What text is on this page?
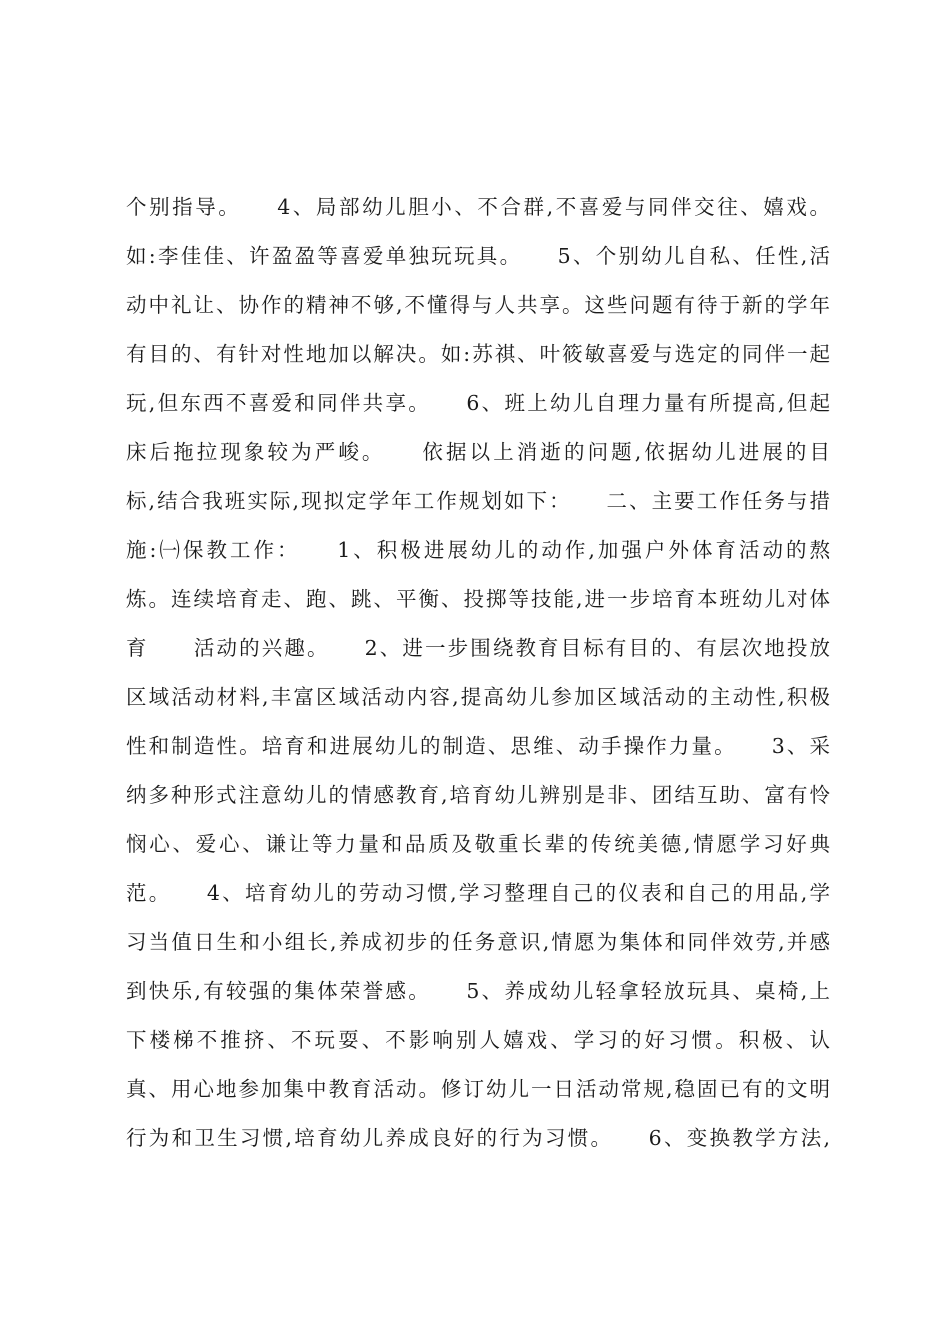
个别指导。　　4、局部幼儿胆小、不合群,不喜爱与同伴交往、嬉戏。
如:李佳佳、许盈盈等喜爱单独玩玩具。　　5、个别幼儿自私、任性,活
动中礼让、协作的精神不够,不懂得与人共享。这些问题有待于新的学年
有目的、有针对性地加以解决。如:苏祺、叶筱敏喜爱与选定的同伴一起
玩,但东西不喜爱和同伴共享。　　6、班上幼儿自理力量有所提高,但起
床后拖拉现象较为严峻。　　依据以上消逝的问题,依据幼儿进展的目
标,结合我班实际,现拟定学年工作规划如下：　　二、主要工作任务与措
施:㈠保教工作：　　1、积极进展幼儿的动作,加强户外体育活动的熬
炼。连续培育走、跑、跳、平衡、投掷等技能,进一步培育本班幼儿对体
育　　活动的兴趣。　　2、进一步围绕教育目标有目的、有层次地投放
区域活动材料,丰富区域活动内容,提高幼儿参加区域活动的主动性,积极
性和制造性。培育和进展幼儿的制造、思维、动手操作力量。　　3、采
纳多种形式注意幼儿的情感教育,培育幼儿辨别是非、团结互助、富有怜
悯心、爱心、谦让等力量和品质及敬重长辈的传统美德,情愿学习好典
范。　　4、培育幼儿的劳动习惯,学习整理自己的仪表和自己的用品,学
习当值日生和小组长,养成初步的任务意识,情愿为集体和同伴效劳,并感
到快乐,有较强的集体荣誉感。　　5、养成幼儿轻拿轻放玩具、桌椅,上
下楼梯不推挤、不玩耍、不影响别人嬉戏、学习的好习惯。积极、认
真、用心地参加集中教育活动。修订幼儿一日活动常规,稳固已有的文明
行为和卫生习惯,培育幼儿养成良好的行为习惯。　　6、变换教学方法,
